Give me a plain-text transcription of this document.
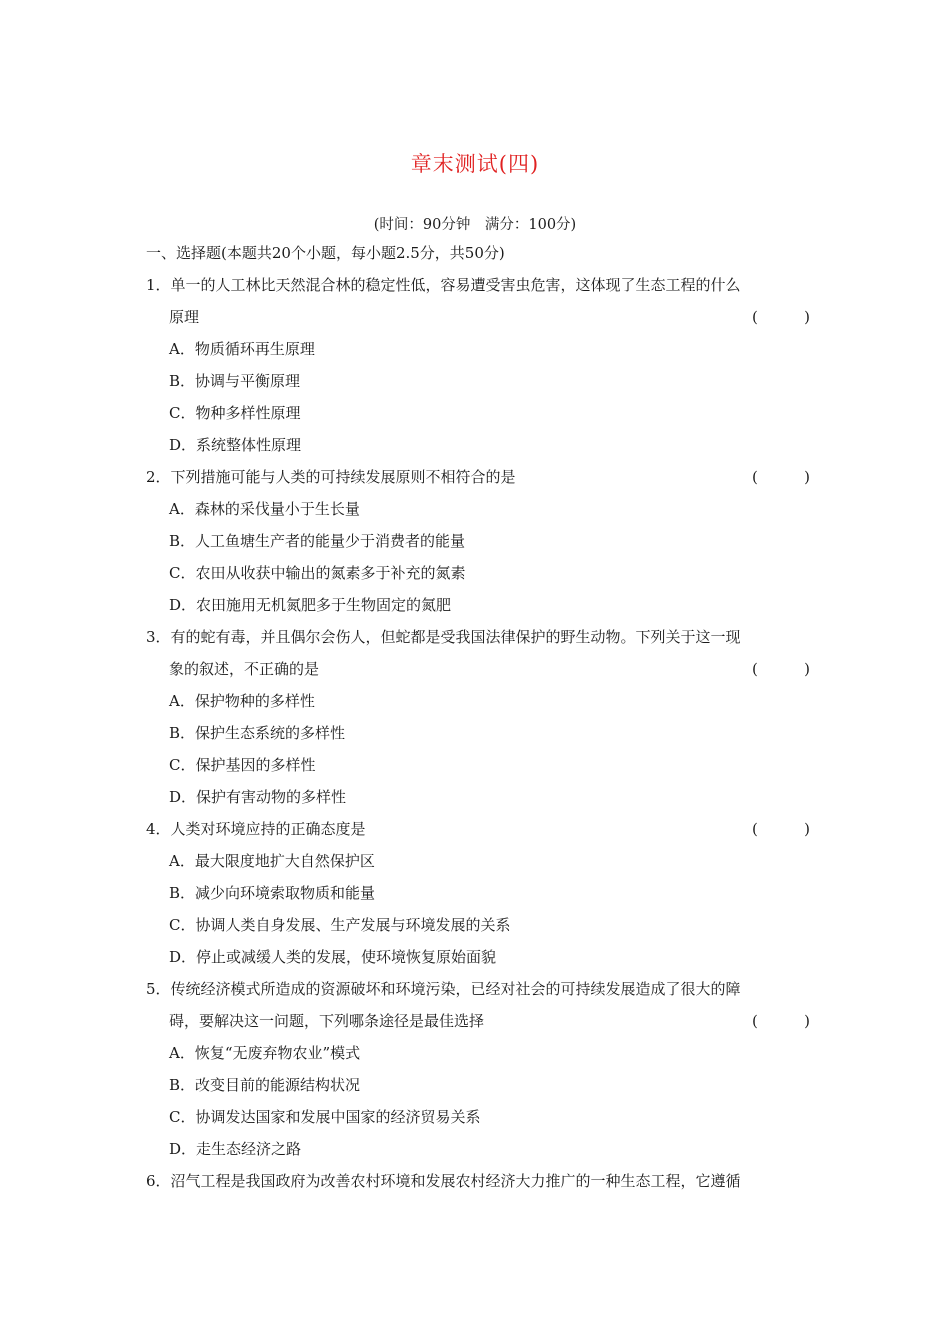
章末测试(四)
(时间：90分钟　满分：100分)
一、选择题(本题共20个小题，每小题2.5分，共50分)
1．单一的人工林比天然混合林的稳定性低，容易遭受害虫危害，这体现了生态工程的什么
原理	(	)
A．物质循环再生原理
B．协调与平衡原理
C．物种多样性原理
D．系统整体性原理
2．下列措施可能与人类的可持续发展原则不相符合的是	(	)
A．森林的采伐量小于生长量
B．人工鱼塘生产者的能量少于消费者的能量
C．农田从收获中输出的氮素多于补充的氮素
D．农田施用无机氮肥多于生物固定的氮肥
3．有的蛇有毒，并且偶尔会伤人，但蛇都是受我国法律保护的野生动物。下列关于这一现
象的叙述，不正确的是	(	)
A．保护物种的多样性
B．保护生态系统的多样性
C．保护基因的多样性
D．保护有害动物的多样性
4．人类对环境应持的正确态度是	(	)
A．最大限度地扩大自然保护区
B．减少向环境索取物质和能量
C．协调人类自身发展、生产发展与环境发展的关系
D．停止或减缓人类的发展，使环境恢复原始面貌
5．传统经济模式所造成的资源破坏和环境污染，已经对社会的可持续发展造成了很大的障
碍，要解决这一问题，下列哪条途径是最佳选择	(	)
A．恢复“无废弃物农业”模式
B．改变目前的能源结构状况
C．协调发达国家和发展中国家的经济贸易关系
D．走生态经济之路
6．沼气工程是我国政府为改善农村环境和发展农村经济大力推广的一种生态工程，它遵循
